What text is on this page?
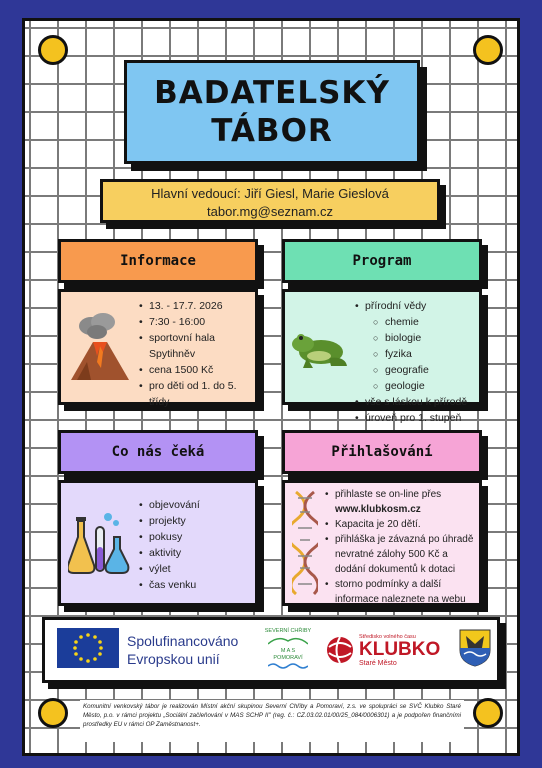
BADATELSKÝ
TÁBOR
Hlavní vedoucí: Jiří Giesl, Marie Gieslová
tabor.mg@seznam.cz
Informace
• 13. - 17.7. 2026
• 7:30 - 16:00
• sportovní hala Spytihněv
• cena 1500 Kč
• pro děti od 1. do 5. třídy
Program
• přírodní vědy
○ chemie
○ biologie
○ fyzika
○ geografie
○ geologie
• vše s láskou k přírodě
• úroveň pro 1. stupeň
Co nás čeká
• objevování
• projekty
• pokusy
• aktivity
• výlet
• čas venku
Přihlašování
• přihlaste se on-line přes
www.klubkosm.cz
• Kapacita je 20 dětí.
• přihláška je závazná po úhradě nevratné zálohy 500 Kč a dodání dokumentů k dotaci
• storno podmínky a další informace naleznete na webu
Spolufinancováno
Evropskou unií
SEVERNÍ CHŘIBY
M A S
POMORAVÍ
Středisko volného času
KLUBKO
Staré Město
Komunitní venkovský tábor je realizován Místní akční skupinou Severní Chřiby a Pomoraví, z.s. ve spolupráci se SVČ Klubko Staré Město, p.o. v rámci projektu „Sociální začleňování v MAS SCHP II" (reg. č.: CZ.03.02.01/00/25_084/0006301) a je podpořen finančními prostředky EU v rámci OP Zaměstnanost+.
